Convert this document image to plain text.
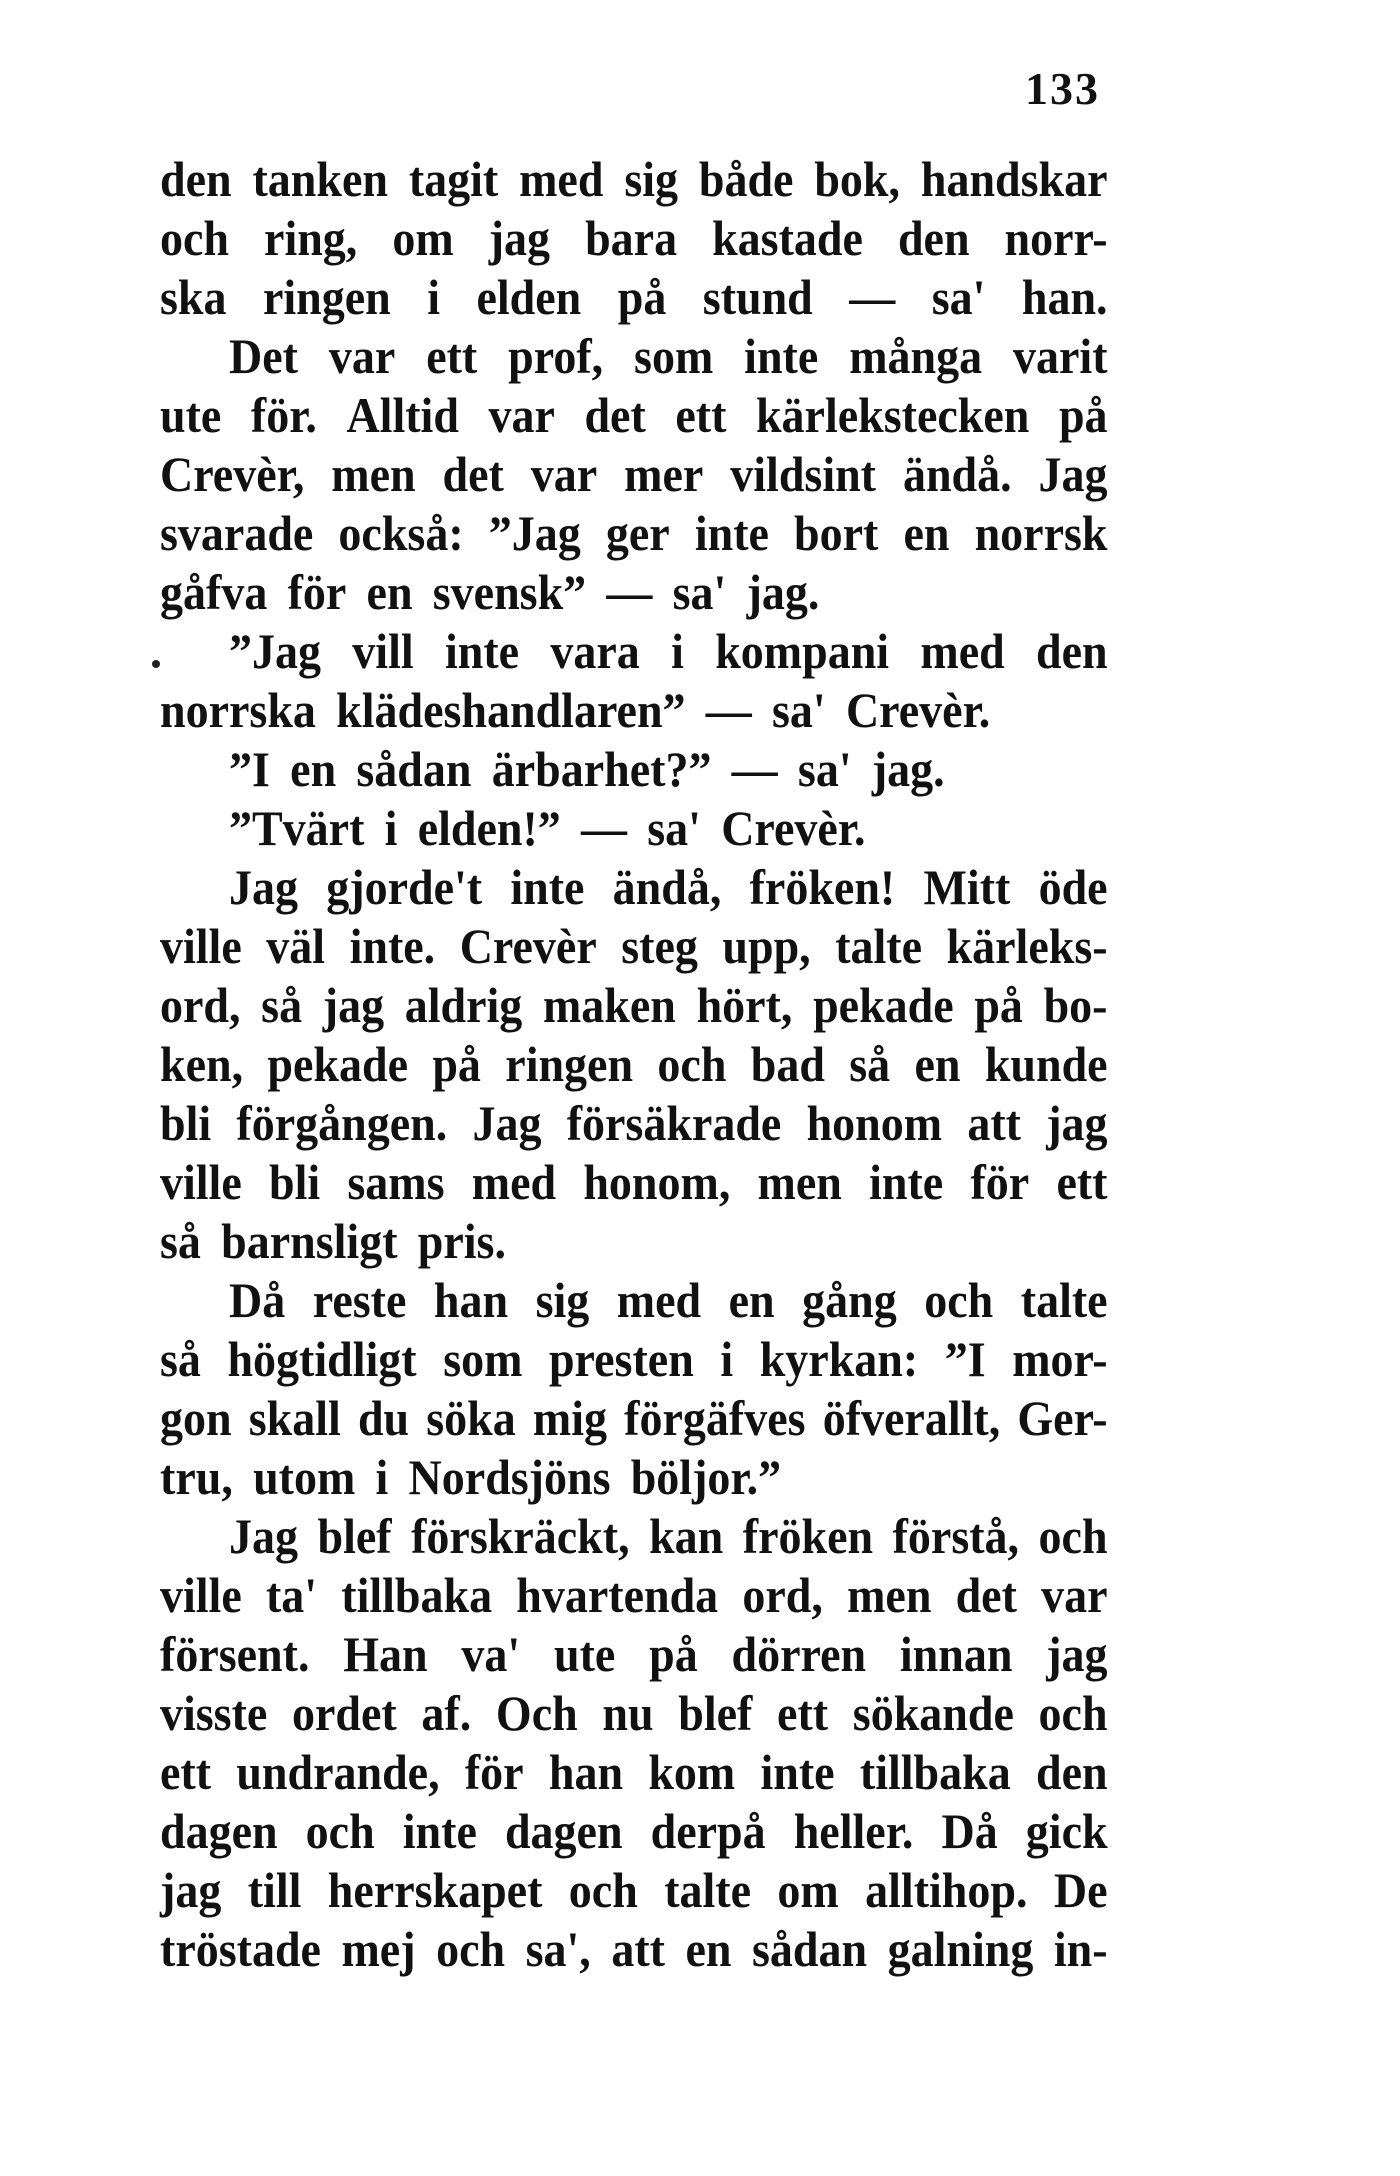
133
den tanken tagit med sig både bok, handskar
och ring, om jag bara kastade den norr-
ska ringen i elden på stund — sa' han.
Det var ett prof, som inte många varit
ute för. Alltid var det ett kärlekstecken på
Crevèr, men det var mer vildsint ändå. Jag
svarade också: ”Jag ger inte bort en norrsk
gåfva för en svensk” — sa' jag.
”Jag vill inte vara i kompani med den
norrska klädeshandlaren” — sa' Crevèr.
”I en sådan ärbarhet?” — sa' jag.
”Tvärt i elden!” — sa' Crevèr.
Jag gjorde't inte ändå, fröken! Mitt öde
ville väl inte. Crevèr steg upp, talte kärleks-
ord, så jag aldrig maken hört, pekade på bo-
ken, pekade på ringen och bad så en kunde
bli förgången. Jag försäkrade honom att jag
ville bli sams med honom, men inte för ett
så barnsligt pris.
Då reste han sig med en gång och talte
så högtidligt som presten i kyrkan: ”I mor-
gon skall du söka mig förgäfves öfverallt, Ger-
tru, utom i Nordsjöns böljor.”
Jag blef förskräckt, kan fröken förstå, och
ville ta' tillbaka hvartenda ord, men det var
försent. Han va' ute på dörren innan jag
visste ordet af. Och nu blef ett sökande och
ett undrande, för han kom inte tillbaka den
dagen och inte dagen derpå heller. Då gick
jag till herrskapet och talte om alltihop. De
tröstade mej och sa', att en sådan galning in-
